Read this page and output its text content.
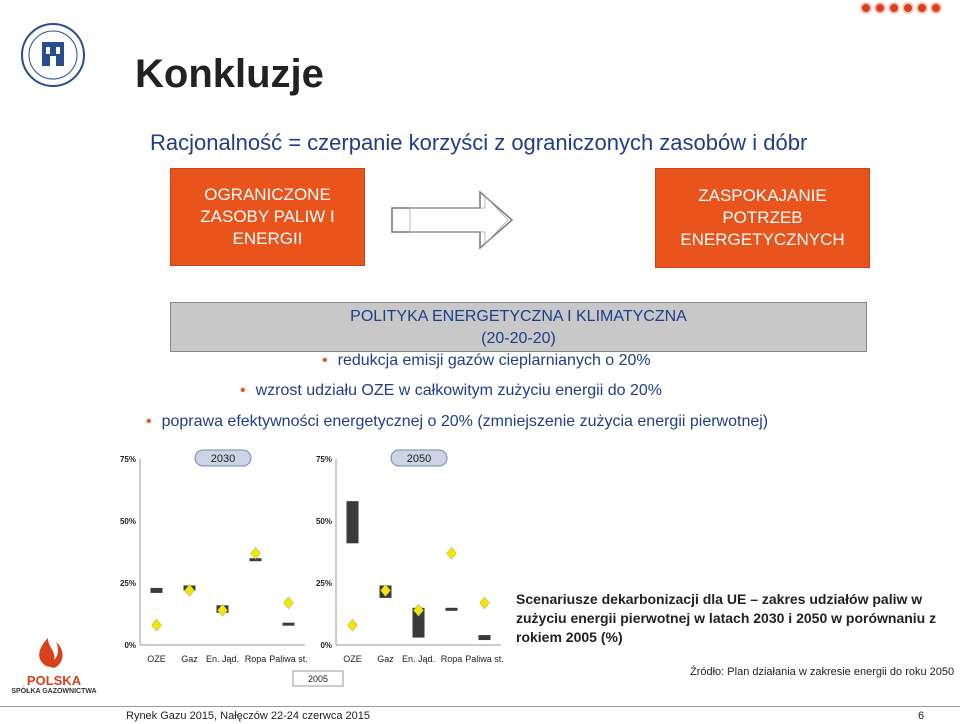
Konkluzje
Racjonalność = czerpanie korzyści z ograniczonych zasobów i dóbr
OGRANICZONE
ZASOBY PALIW I
ENERGII
ZASPOKAJANIE
POTRZEB
ENERGETYCZNYCH
POLITYKA ENERGETYCZNA I KLIMATYCZNA
(20-20-20)
• redukcja emisji gazów cieplarnianych o 20%
• wzrost udziału OZE w całkowitym zużyciu energii do 20%
• poprawa efektywności energetycznej o 20% (zmniejszenie zużycia energii pierwotnej)
0%
25%
50%
75%	2030
OZE Gaz En. Jąd. Ropa Paliwa st.
0%
25%
50%
75%	2050
OZE Gaz En. Jąd. Ropa Paliwa st.
2005
Scenariusze dekarbonizacji dla UE – zakres udziałów paliw w zużyciu energii pierwotnej w latach 2030 i 2050 w porównaniu z rokiem 2005 (%)
Źródło: Plan działania w zakresie energii do roku 2050
POLSKA
SPÓŁKA GAZOWNICTWA
Rynek Gazu 2015, Nałęczów 22-24 czerwca 2015	6
